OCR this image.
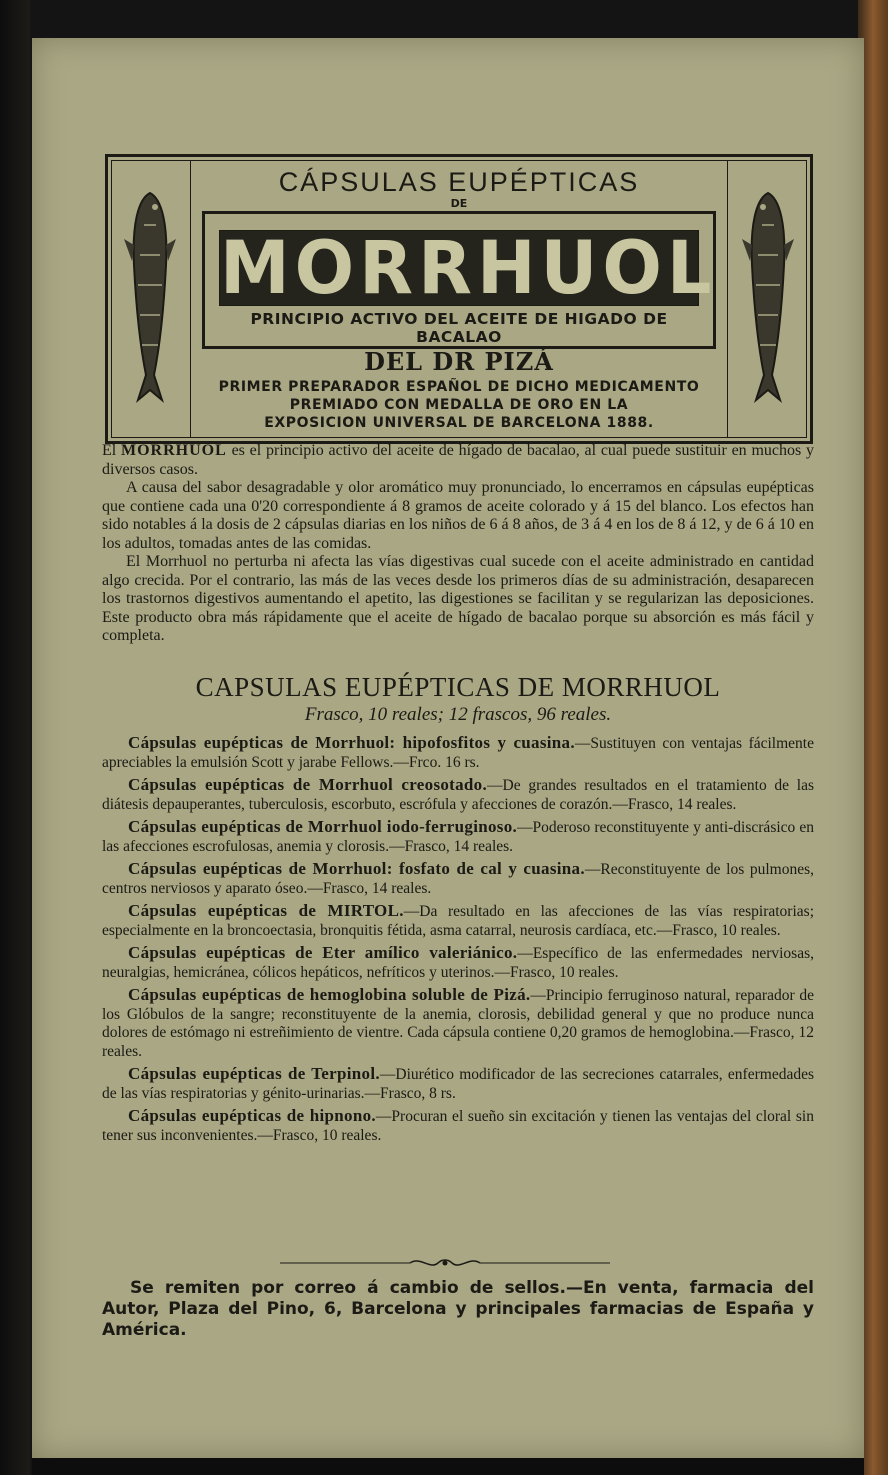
CÁPSULAS EUPÉPTICAS
DE
MORRHUOL
PRINCIPIO ACTIVO DEL ACEITE DE HIGADO DE BACALAO
DEL DR PIZÁ
PRIMER PREPARADOR ESPAÑOL DE DICHO MEDICAMENTO
PREMIADO CON MEDALLA DE ORO EN LA
EXPOSICION UNIVERSAL DE BARCELONA 1888.

El MORRHUOL es el principio activo del aceite de hígado de bacalao, al cual puede sustituir en muchos y diversos casos.

A causa del sabor desagradable y olor aromático muy pronunciado, lo encerramos en cápsulas eupépticas que contiene cada una 0'20 correspondiente á 8 gramos de aceite colorado y á 15 del blanco. Los efectos han sido notables á la dosis de 2 cápsulas diarias en los niños de 6 á 8 años, de 3 á 4 en los de 8 á 12, y de 6 á 10 en los adultos, tomadas antes de las comidas.

El Morrhuol no perturba ni afecta las vías digestivas cual sucede con el aceite administrado en cantidad algo crecida. Por el contrario, las más de las veces desde los primeros días de su administración, desaparecen los trastornos digestivos aumentando el apetito, las digestiones se facilitan y se regularizan las deposiciones. Este producto obra más rápidamente que el aceite de hígado de bacalao porque su absorción es más fácil y completa.

CAPSULAS EUPÉPTICAS DE MORRHUOL
Frasco, 10 reales; 12 frascos, 96 reales.

Cápsulas eupépticas de Morrhuol: hipofosfitos y cuasina.—Sustituyen con ventajas fácilmente apreciables la emulsión Scott y jarabe Fellows.—Frco. 16 rs.

Cápsulas eupépticas de Morrhuol creosotado.—De grandes resultados en el tratamiento de las diátesis depauperantes, tuberculosis, escorbuto, escrófula y afecciones de corazón.—Frasco, 14 reales.

Cápsulas eupépticas de Morrhuol iodo-ferruginoso.—Poderoso reconstituyente y anti-discrásico en las afecciones escrofulosas, anemia y clorosis.—Frasco, 14 reales.

Cápsulas eupépticas de Morrhuol: fosfato de cal y cuasina.—Reconstituyente de los pulmones, centros nerviosos y aparato óseo.—Frasco, 14 reales.

Cápsulas eupépticas de MIRTOL.—Da resultado en las afecciones de las vías respiratorias; especialmente en la broncoectasia, bronquitis fétida, asma catarral, neurosis cardíaca, etc.—Frasco, 10 reales.

Cápsulas eupépticas de Eter amílico valeriánico.—Específico de las enfermedades nerviosas, neuralgias, hemicránea, cólicos hepáticos, nefríticos y uterinos.—Frasco, 10 reales.

Cápsulas eupépticas de hemoglobina soluble de Pizá.—Principio ferruginoso natural, reparador de los Glóbulos de la sangre; reconstituyente de la anemia, clorosis, debilidad general y que no produce nunca dolores de estómago ni estreñimiento de vientre. Cada cápsula contiene 0,20 gramos de hemoglobina.—Frasco, 12 reales.

Cápsulas eupépticas de Terpinol.—Diurético modificador de las secreciones catarrales, enfermedades de las vías respiratorias y génito-urinarias.—Frasco, 8 rs.

Cápsulas eupépticas de hipnono.—Procuran el sueño sin excitación y tienen las ventajas del cloral sin tener sus inconvenientes.—Frasco, 10 reales.

Se remiten por correo á cambio de sellos.—En venta, farmacia del Autor, Plaza del Pino, 6, Barcelona y principales farmacias de España y América.
